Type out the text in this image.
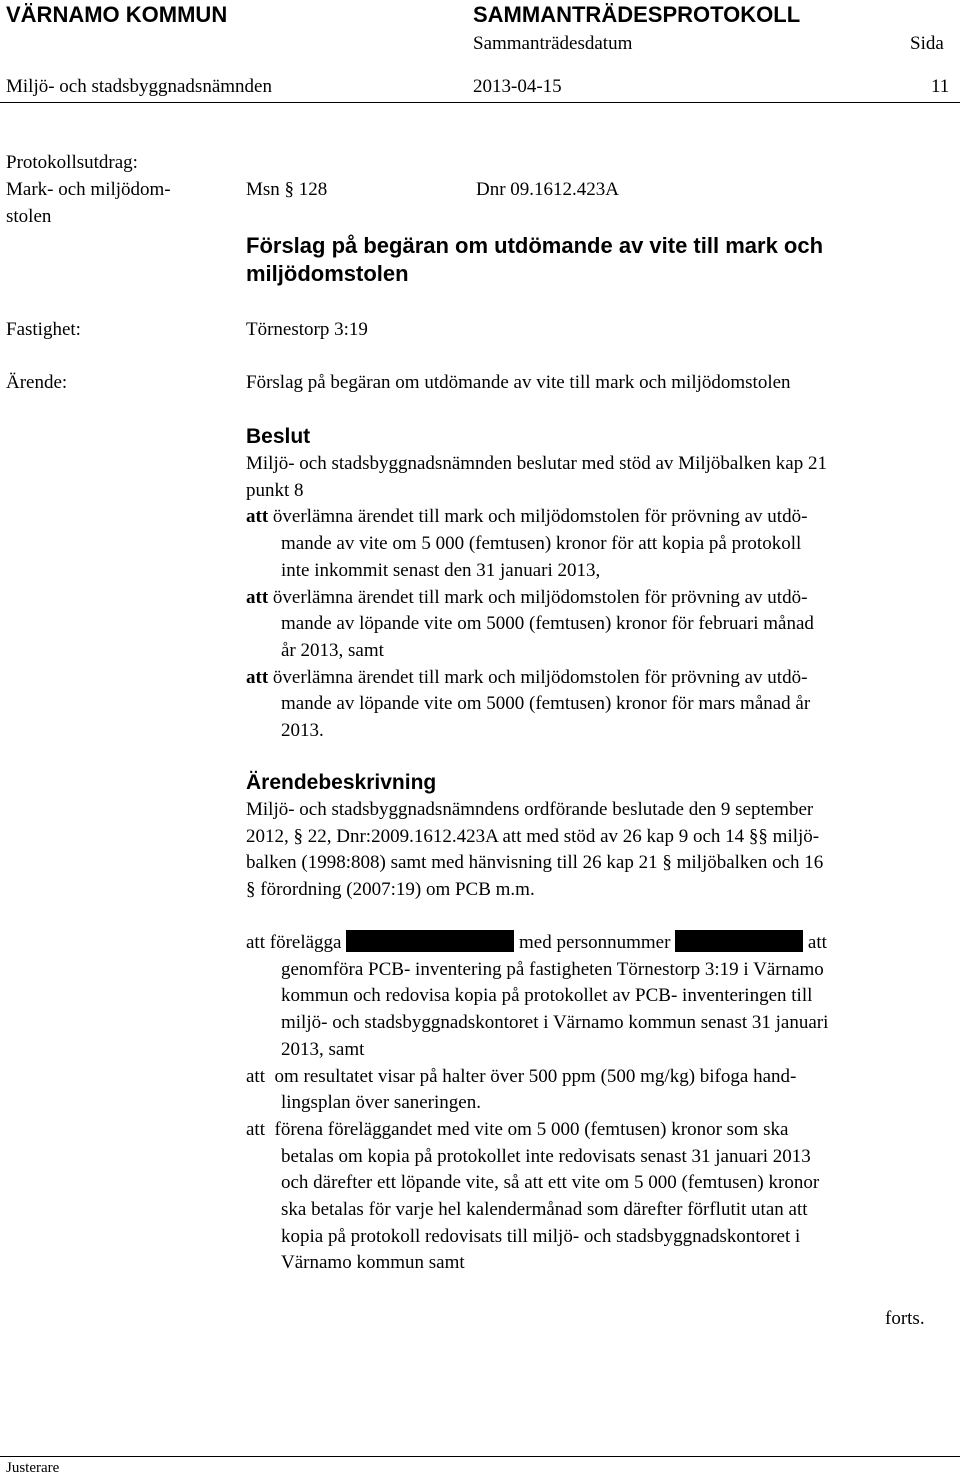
VÄRNAMO KOMMUN	SAMMANTRÄDESPROTOKOLL
Sammanträdesdatum	Sida
Miljö- och stadsbyggnadsnämnden	2013-04-15	11
Protokollsutdrag:
Mark- och miljödom-
stolen
Msn § 128	Dnr 09.1612.423A
Förslag på begäran om utdömande av vite till mark och
miljödomstolen
Fastighet:	Törnestorp 3:19
Ärende:	Förslag på begäran om utdömande av vite till mark och miljödomstolen
Beslut
Miljö- och stadsbyggnadsnämnden beslutar med stöd av Miljöbalken kap 21
punkt 8
att överlämna ärendet till mark och miljödomstolen för prövning av utdö-
mande av vite om 5 000 (femtusen) kronor för att kopia på protokoll
inte inkommit senast den 31 januari 2013,
att överlämna ärendet till mark och miljödomstolen för prövning av utdö-
mande av löpande vite om 5000 (femtusen) kronor för februari månad
år 2013, samt
att överlämna ärendet till mark och miljödomstolen för prövning av utdö-
mande av löpande vite om 5000 (femtusen) kronor för mars månad år
2013.
Ärendebeskrivning
Miljö- och stadsbyggnadsnämndens ordförande beslutade den 9 september
2012, § 22, Dnr:2009.1612.423A att med stöd av 26 kap 9 och 14 §§ miljö-
balken (1998:808) samt med hänvisning till 26 kap 21 § miljöbalken och 16
§ förordning (2007:19) om PCB m.m.
att förelägga	med personnummer	att
genomföra PCB- inventering på fastigheten Törnestorp 3:19 i Värnamo
kommun och redovisa kopia på protokollet av PCB- inventeringen till
miljö- och stadsbyggnadskontoret i Värnamo kommun senast 31 januari
2013, samt
att om resultatet visar på halter över 500 ppm (500 mg/kg) bifoga hand-
lingsplan över saneringen.
att förena föreläggandet med vite om 5 000 (femtusen) kronor som ska
betalas om kopia på protokollet inte redovisats senast 31 januari 2013
och därefter ett löpande vite, så att ett vite om 5 000 (femtusen) kronor
ska betalas för varje hel kalendermånad som därefter förflutit utan att
kopia på protokoll redovisats till miljö- och stadsbyggnadskontoret i
Värnamo kommun samt
forts.
Justerare
